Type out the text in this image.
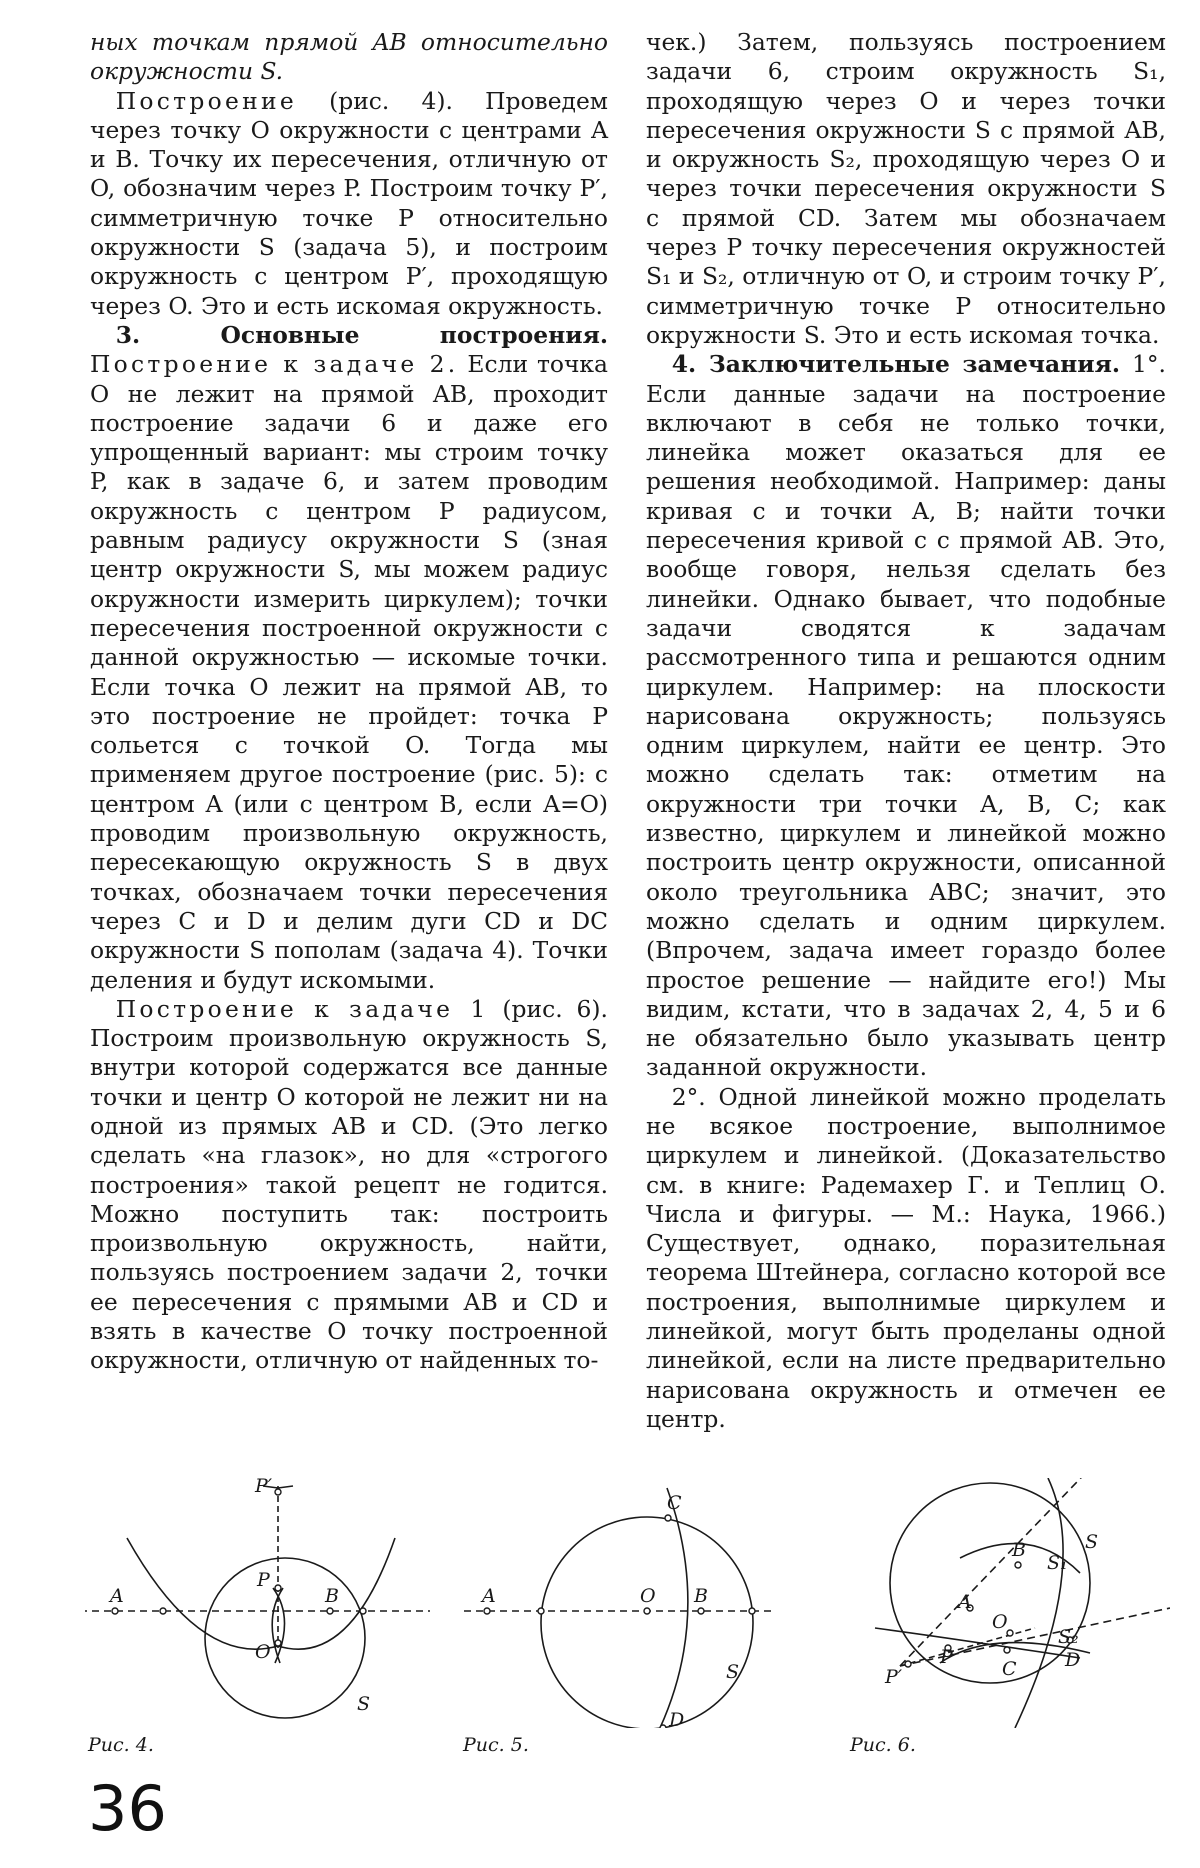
ных точкам прямой AB относительно окружности S.

Построение (рис. 4). Проведем через точку O окружности с центрами A и B. Точку их пересечения, отличную от O, обозначим через P. Построим точку P′, симметричную точке P относительно окружности S (задача 5), и построим окружность с центром P′, проходящую через O. Это и есть искомая окружность.

3. Основные построения. Построение к задаче 2. Если точка O не лежит на прямой AB, проходит построение задачи 6 и даже его упрощенный вариант: мы строим точку P, как в задаче 6, и затем проводим окружность с центром P радиусом, равным радиусу окружности S (зная центр окружности S, мы можем радиус окружности измерить циркулем); точки пересечения построенной окружности с данной окружностью — искомые точки. Если точка O лежит на прямой AB, то это построение не пройдет: точка P сольется с точкой O. Тогда мы применяем другое построение (рис. 5): с центром A (или с центром B, если A=O) проводим произвольную окружность, пересекающую окружность S в двух точках, обозначаем точки пересечения через C и D и делим дуги CD и DC окружности S пополам (задача 4). Точки деления и будут искомыми.

Построение к задаче 1 (рис. 6). Построим произвольную окружность S, внутри которой содержатся все данные точки и центр O которой не лежит ни на одной из прямых AB и CD. (Это легко сделать «на глазок», но для «строгого построения» такой рецепт не годится. Можно поступить так: построить произвольную окружность, найти, пользуясь построением задачи 2, точки ее пересечения с прямыми AB и CD и взять в качестве O точку построенной окружности, отличную от найденных то-

чек.) Затем, пользуясь построением задачи 6, строим окружность S₁, проходящую через O и через точки пересечения окружности S с прямой AB, и окружность S₂, проходящую через O и через точки пересечения окружности S с прямой CD. Затем мы обозначаем через P точку пересечения окружностей S₁ и S₂, отличную от O, и строим точку P′, симметричную точке P относительно окружности S. Это и есть искомая точка.

4. Заключительные замечания. 1°. Если данные задачи на построение включают в себя не только точки, линейка может оказаться для ее решения необходимой. Например: даны кривая c и точки A, B; найти точки пересечения кривой c с прямой AB. Это, вообще говоря, нельзя сделать без линейки. Однако бывает, что подобные задачи сводятся к задачам рассмотренного типа и решаются одним циркулем. Например: на плоскости нарисована окружность; пользуясь одним циркулем, найти ее центр. Это можно сделать так: отметим на окружности три точки A, B, C; как известно, циркулем и линейкой можно построить центр окружности, описанной около треугольника ABC; значит, это можно сделать и одним циркулем. (Впрочем, задача имеет гораздо более простое решение — найдите его!) Мы видим, кстати, что в задачах 2, 4, 5 и 6 не обязательно было указывать центр заданной окружности.

2°. Одной линейкой можно проделать не всякое построение, выполнимое циркулем и линейкой. (Доказательство см. в книге: Радемахер Г. и Теплиц О. Числа и фигуры. — М.: Наука, 1966.) Существует, однако, поразительная теорема Штейнера, согласно которой все построения, выполнимые циркулем и линейкой, могут быть проделаны одной линейкой, если на листе предварительно нарисована окружность и отмечен ее центр.

P′
P
A	B
O
S
Рис. 4.
C
A	O B
S
D
Рис. 5.
B	S
S₁
A
O
S₂
P
P′	C	D
Рис. 6.
36
